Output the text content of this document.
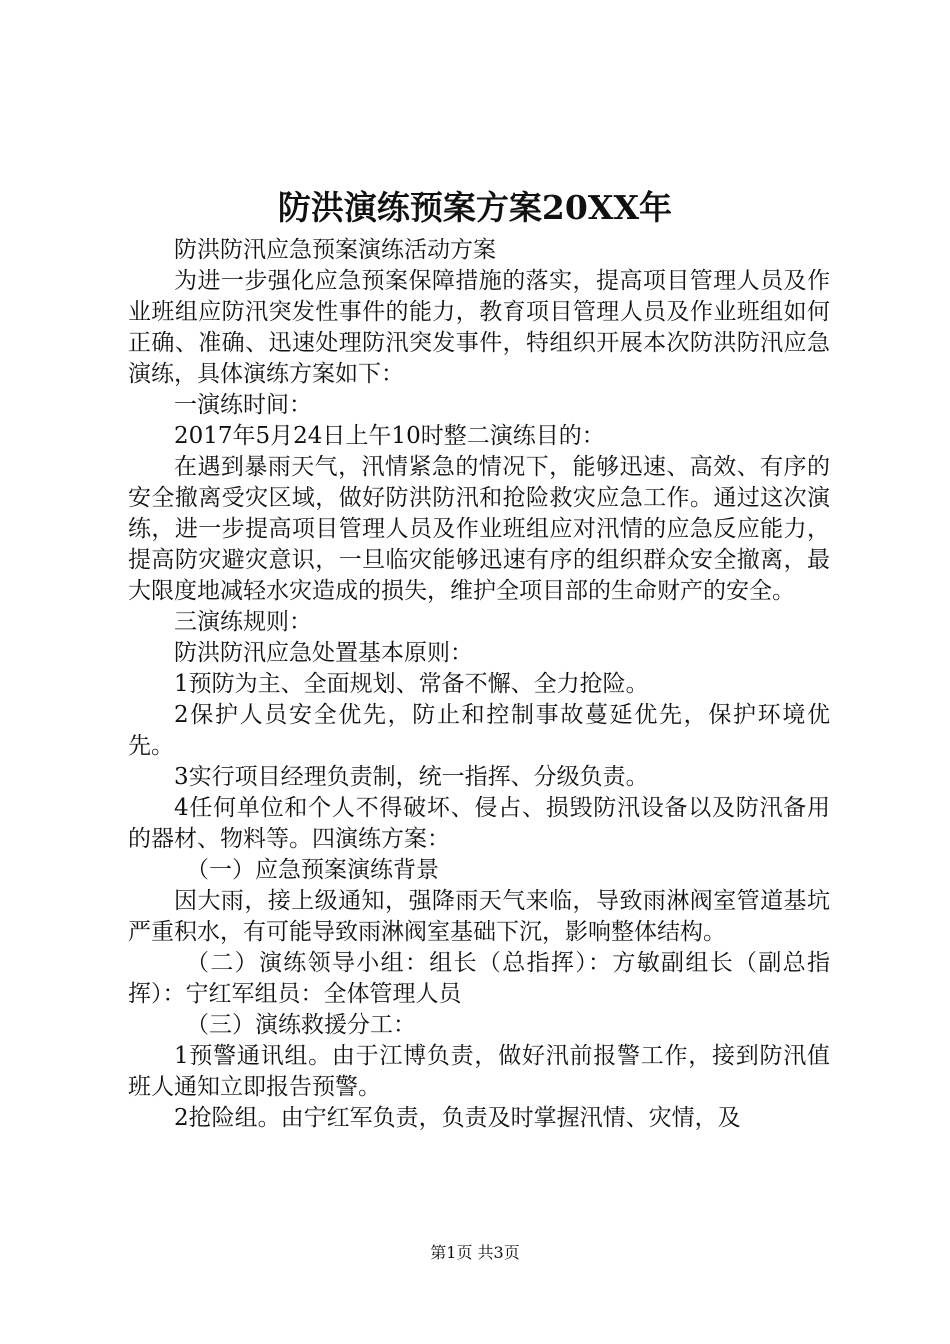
防洪演练预案方案20XX年

防洪防汛应急预案演练活动方案

为进一步强化应急预案保障措施的落实，提高项目管理人员及作业班组应防汛突发性事件的能力，教育项目管理人员及作业班组如何正确、准确、迅速处理防汛突发事件，特组织开展本次防洪防汛应急演练，具体演练方案如下：

一演练时间：

2017年5月24日上午10时整二演练目的：

在遇到暴雨天气，汛情紧急的情况下，能够迅速、高效、有序的安全撤离受灾区域，做好防洪防汛和抢险救灾应急工作。通过这次演练，进一步提高项目管理人员及作业班组应对汛情的应急反应能力，提高防灾避灾意识，一旦临灾能够迅速有序的组织群众安全撤离，最大限度地减轻水灾造成的损失，维护全项目部的生命财产的安全。

三演练规则：

防洪防汛应急处置基本原则：

1预防为主、全面规划、常备不懈、全力抢险。

2保护人员安全优先，防止和控制事故蔓延优先，保护环境优先。

3实行项目经理负责制，统一指挥、分级负责。

4任何单位和个人不得破坏、侵占、损毁防汛设备以及防汛备用的器材、物料等。四演练方案：

（一）应急预案演练背景

因大雨，接上级通知，强降雨天气来临，导致雨淋阀室管道基坑严重积水，有可能导致雨淋阀室基础下沉，影响整体结构。

（二）演练领导小组：组长（总指挥）：方敏副组长（副总指挥）：宁红军组员：全体管理人员

（三）演练救援分工：

1预警通讯组。由于江博负责，做好汛前报警工作，接到防汛值班人通知立即报告预警。

2抢险组。由宁红军负责，负责及时掌握汛情、灾情，及

第1页 共3页
